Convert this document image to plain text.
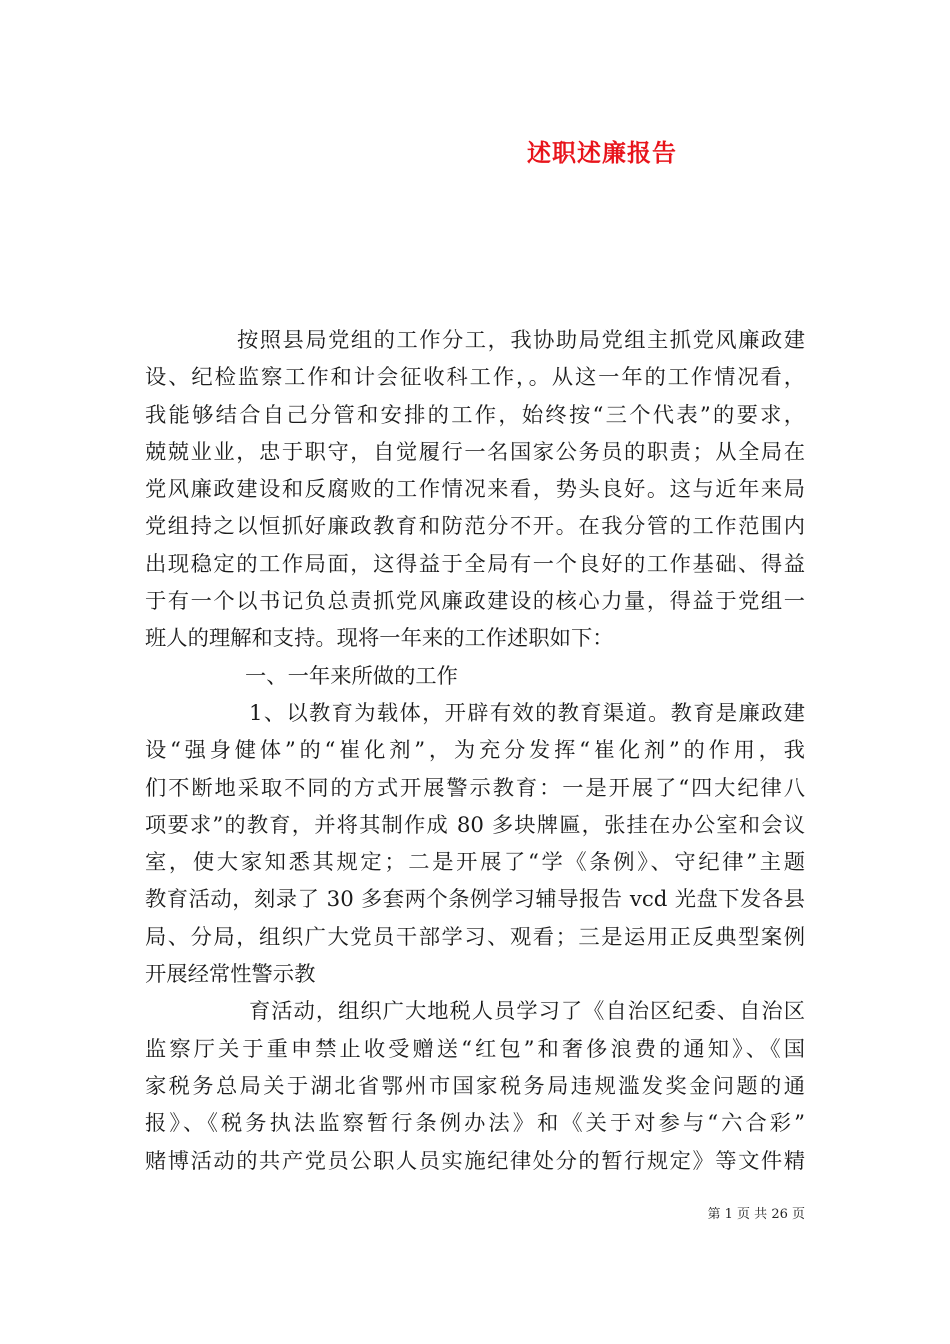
述职述廉报告
按照县局党组的工作分工，我协助局党组主抓党风廉政建
设、纪检监察工作和计会征收科工作，。从这一年的工作情况看，
我能够结合自己分管和安排的工作，始终按“三个代表”的要求，
兢兢业业，忠于职守，自觉履行一名国家公务员的职责；从全局在
党风廉政建设和反腐败的工作情况来看，势头良好。这与近年来局
党组持之以恒抓好廉政教育和防范分不开。在我分管的工作范围内
出现稳定的工作局面，这得益于全局有一个良好的工作基础、得益
于有一个以书记负总责抓党风廉政建设的核心力量，得益于党组一
班人的理解和支持。现将一年来的工作述职如下：
一、一年来所做的工作
1、以教育为载体，开辟有效的教育渠道。教育是廉政建
设“强身健体”的“崔化剂”，为充分发挥“崔化剂”的作用，我
们不断地采取不同的方式开展警示教育：一是开展了“四大纪律八
项要求”的教育，并将其制作成 80 多块牌匾，张挂在办公室和会议
室，使大家知悉其规定；二是开展了“学《条例》、守纪律”主题
教育活动，刻录了 30 多套两个条例学习辅导报告 vcd 光盘下发各县
局、分局，组织广大党员干部学习、观看；三是运用正反典型案例
开展经常性警示教
育活动，组织广大地税人员学习了《自治区纪委、自治区
监察厅关于重申禁止收受赠送“红包”和奢侈浪费的通知》、《国
家税务总局关于湖北省鄂州市国家税务局违规滥发奖金问题的通
报》、《税务执法监察暂行条例办法》和《关于对参与“六合彩”
赌博活动的共产党员公职人员实施纪律处分的暂行规定》等文件精
第 1 页 共 26 页
